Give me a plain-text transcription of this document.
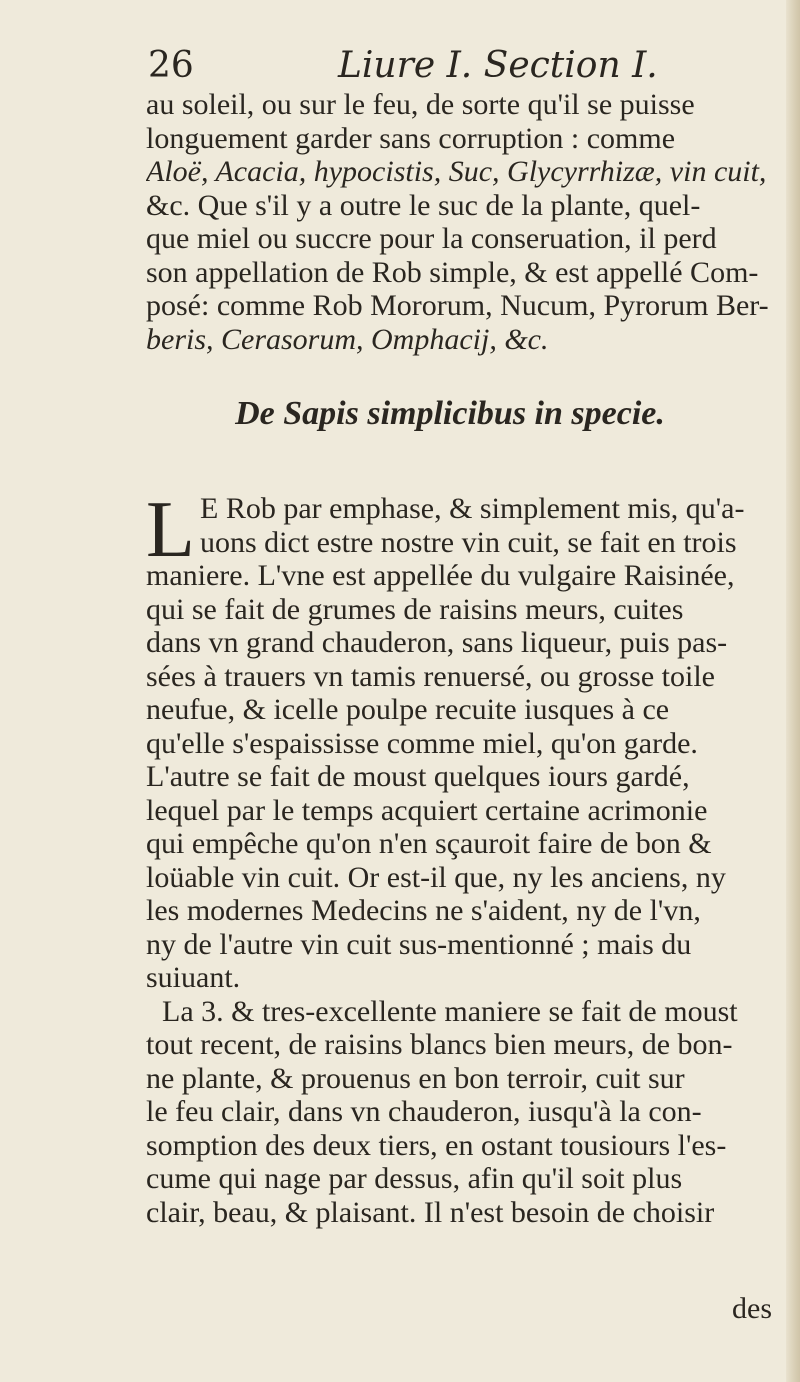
26	Liure I. Section I.
au soleil, ou sur le feu, de sorte qu'il se puisse
longuement garder sans corruption : comme
Aloë, Acacia, hypocistis, Suc, Glycyrrhizæ, vin cuit,
&c. Que s'il y a outre le suc de la plante, quel-
que miel ou succre pour la conseruation, il perd
son appellation de Rob simple, & est appellé Com-
posé: comme Rob Mororum, Nucum, Pyrorum Ber-
beris, Cerasorum, Omphacij, &c.
De Sapis simplicibus in specie.
L E Rob par emphase, & simplement mis, qu'a-
uons dict estre nostre vin cuit, se fait en trois
maniere. L'vne est appellée du vulgaire Raisinée,
qui se fait de grumes de raisins meurs, cuites
dans vn grand chauderon, sans liqueur, puis pas-
sées à trauers vn tamis renuersé, ou grosse toile
neufue, & icelle poulpe recuite iusques à ce
qu'elle s'espaississe comme miel, qu'on garde.
L'autre se fait de moust quelques iours gardé,
lequel par le temps acquiert certaine acrimonie
qui empêche qu'on n'en sçauroit faire de bon &
loüable vin cuit. Or est-il que, ny les anciens, ny
les modernes Medecins ne s'aident, ny de l'vn,
ny de l'autre vin cuit sus-mentionné ; mais du
suiuant.
La 3. & tres-excellente maniere se fait de moust
tout recent, de raisins blancs bien meurs, de bon-
ne plante, & prouenus en bon terroir, cuit sur
le feu clair, dans vn chauderon, iusqu'à la con-
somption des deux tiers, en ostant tousiours l'es-
cume qui nage par dessus, afin qu'il soit plus
clair, beau, & plaisant. Il n'est besoin de choisir
des
